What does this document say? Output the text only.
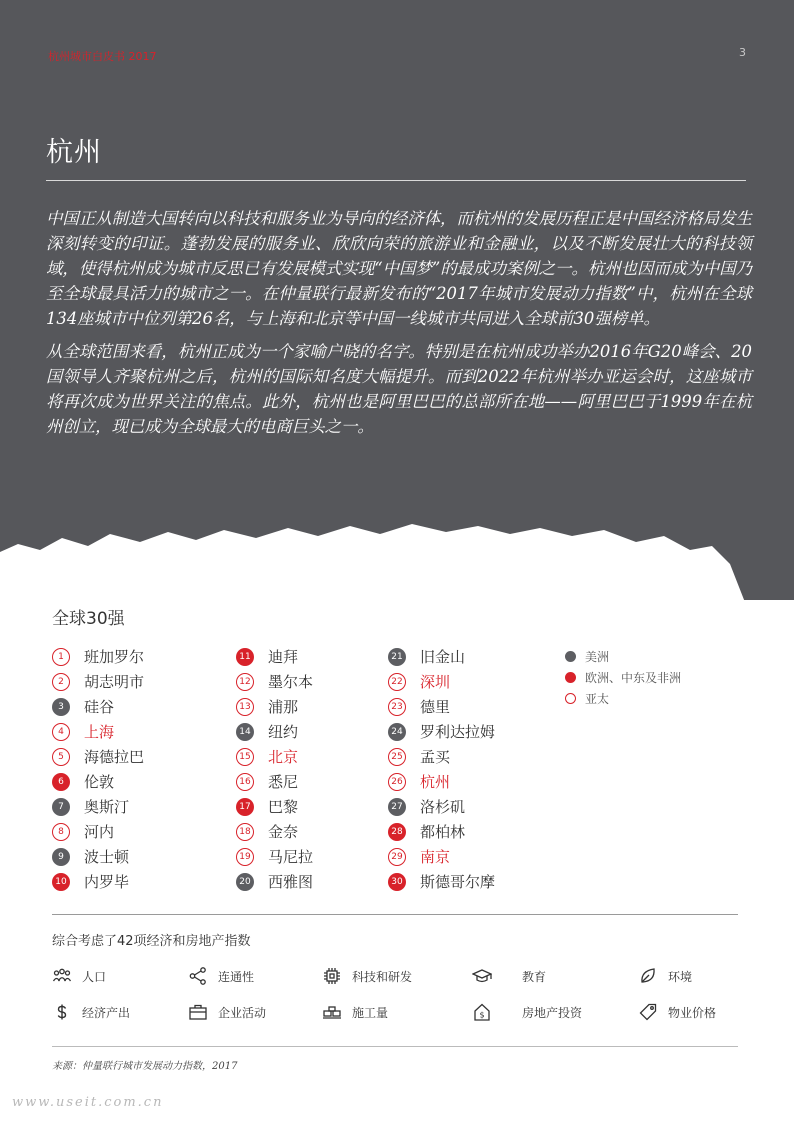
杭州城市白皮书 2017	3
杭州

中国正从制造大国转向以科技和服务业为导向的经济体，而杭州的发展历程正是中国经济格局发生深刻转变的印证。蓬勃发展的服务业、欣欣向荣的旅游业和金融业，以及不断发展壮大的科技领域，使得杭州成为城市反思已有发展模式实现“中国梦”的最成功案例之一。杭州也因而成为中国乃至全球最具活力的城市之一。在仲量联行最新发布的“2017年城市发展动力指数”中，杭州在全球134座城市中位列第26名，与上海和北京等中国一线城市共同进入全球前30强榜单。

从全球范围来看，杭州正成为一个家喻户晓的名字。特别是在杭州成功举办2016年G20峰会、20国领导人齐聚杭州之后，杭州的国际知名度大幅提升。而到2022年杭州举办亚运会时，这座城市将再次成为世界关注的焦点。此外，杭州也是阿里巴巴的总部所在地——阿里巴巴于1999年在杭州创立，现已成为全球最大的电商巨头之一。

全球30强
1	班加罗尔
2	胡志明市
3	硅谷
4	上海
5	海德拉巴
6	伦敦
7	奥斯汀
8	河内
9	波士顿
10 内罗毕
11 迪拜
12 墨尔本
13 浦那
14 纽约
15 北京
16 悉尼
17 巴黎
18 金奈
19 马尼拉
20 西雅图
21 旧金山
22 深圳
23 德里
24 罗利达拉姆
25 孟买
26 杭州
27 洛杉矶
28 都柏林
29 南京
30 斯德哥尔摩
美洲
欧洲、中东及非洲
亚太
综合考虑了42项经济和房地产指数
人口	连通性	科技和研发	教育	环境
经济产出	企业活动	施工量	$	房地产投资	物业价格
来源：仲量联行城市发展动力指数，2017
www.useit.com.cn
